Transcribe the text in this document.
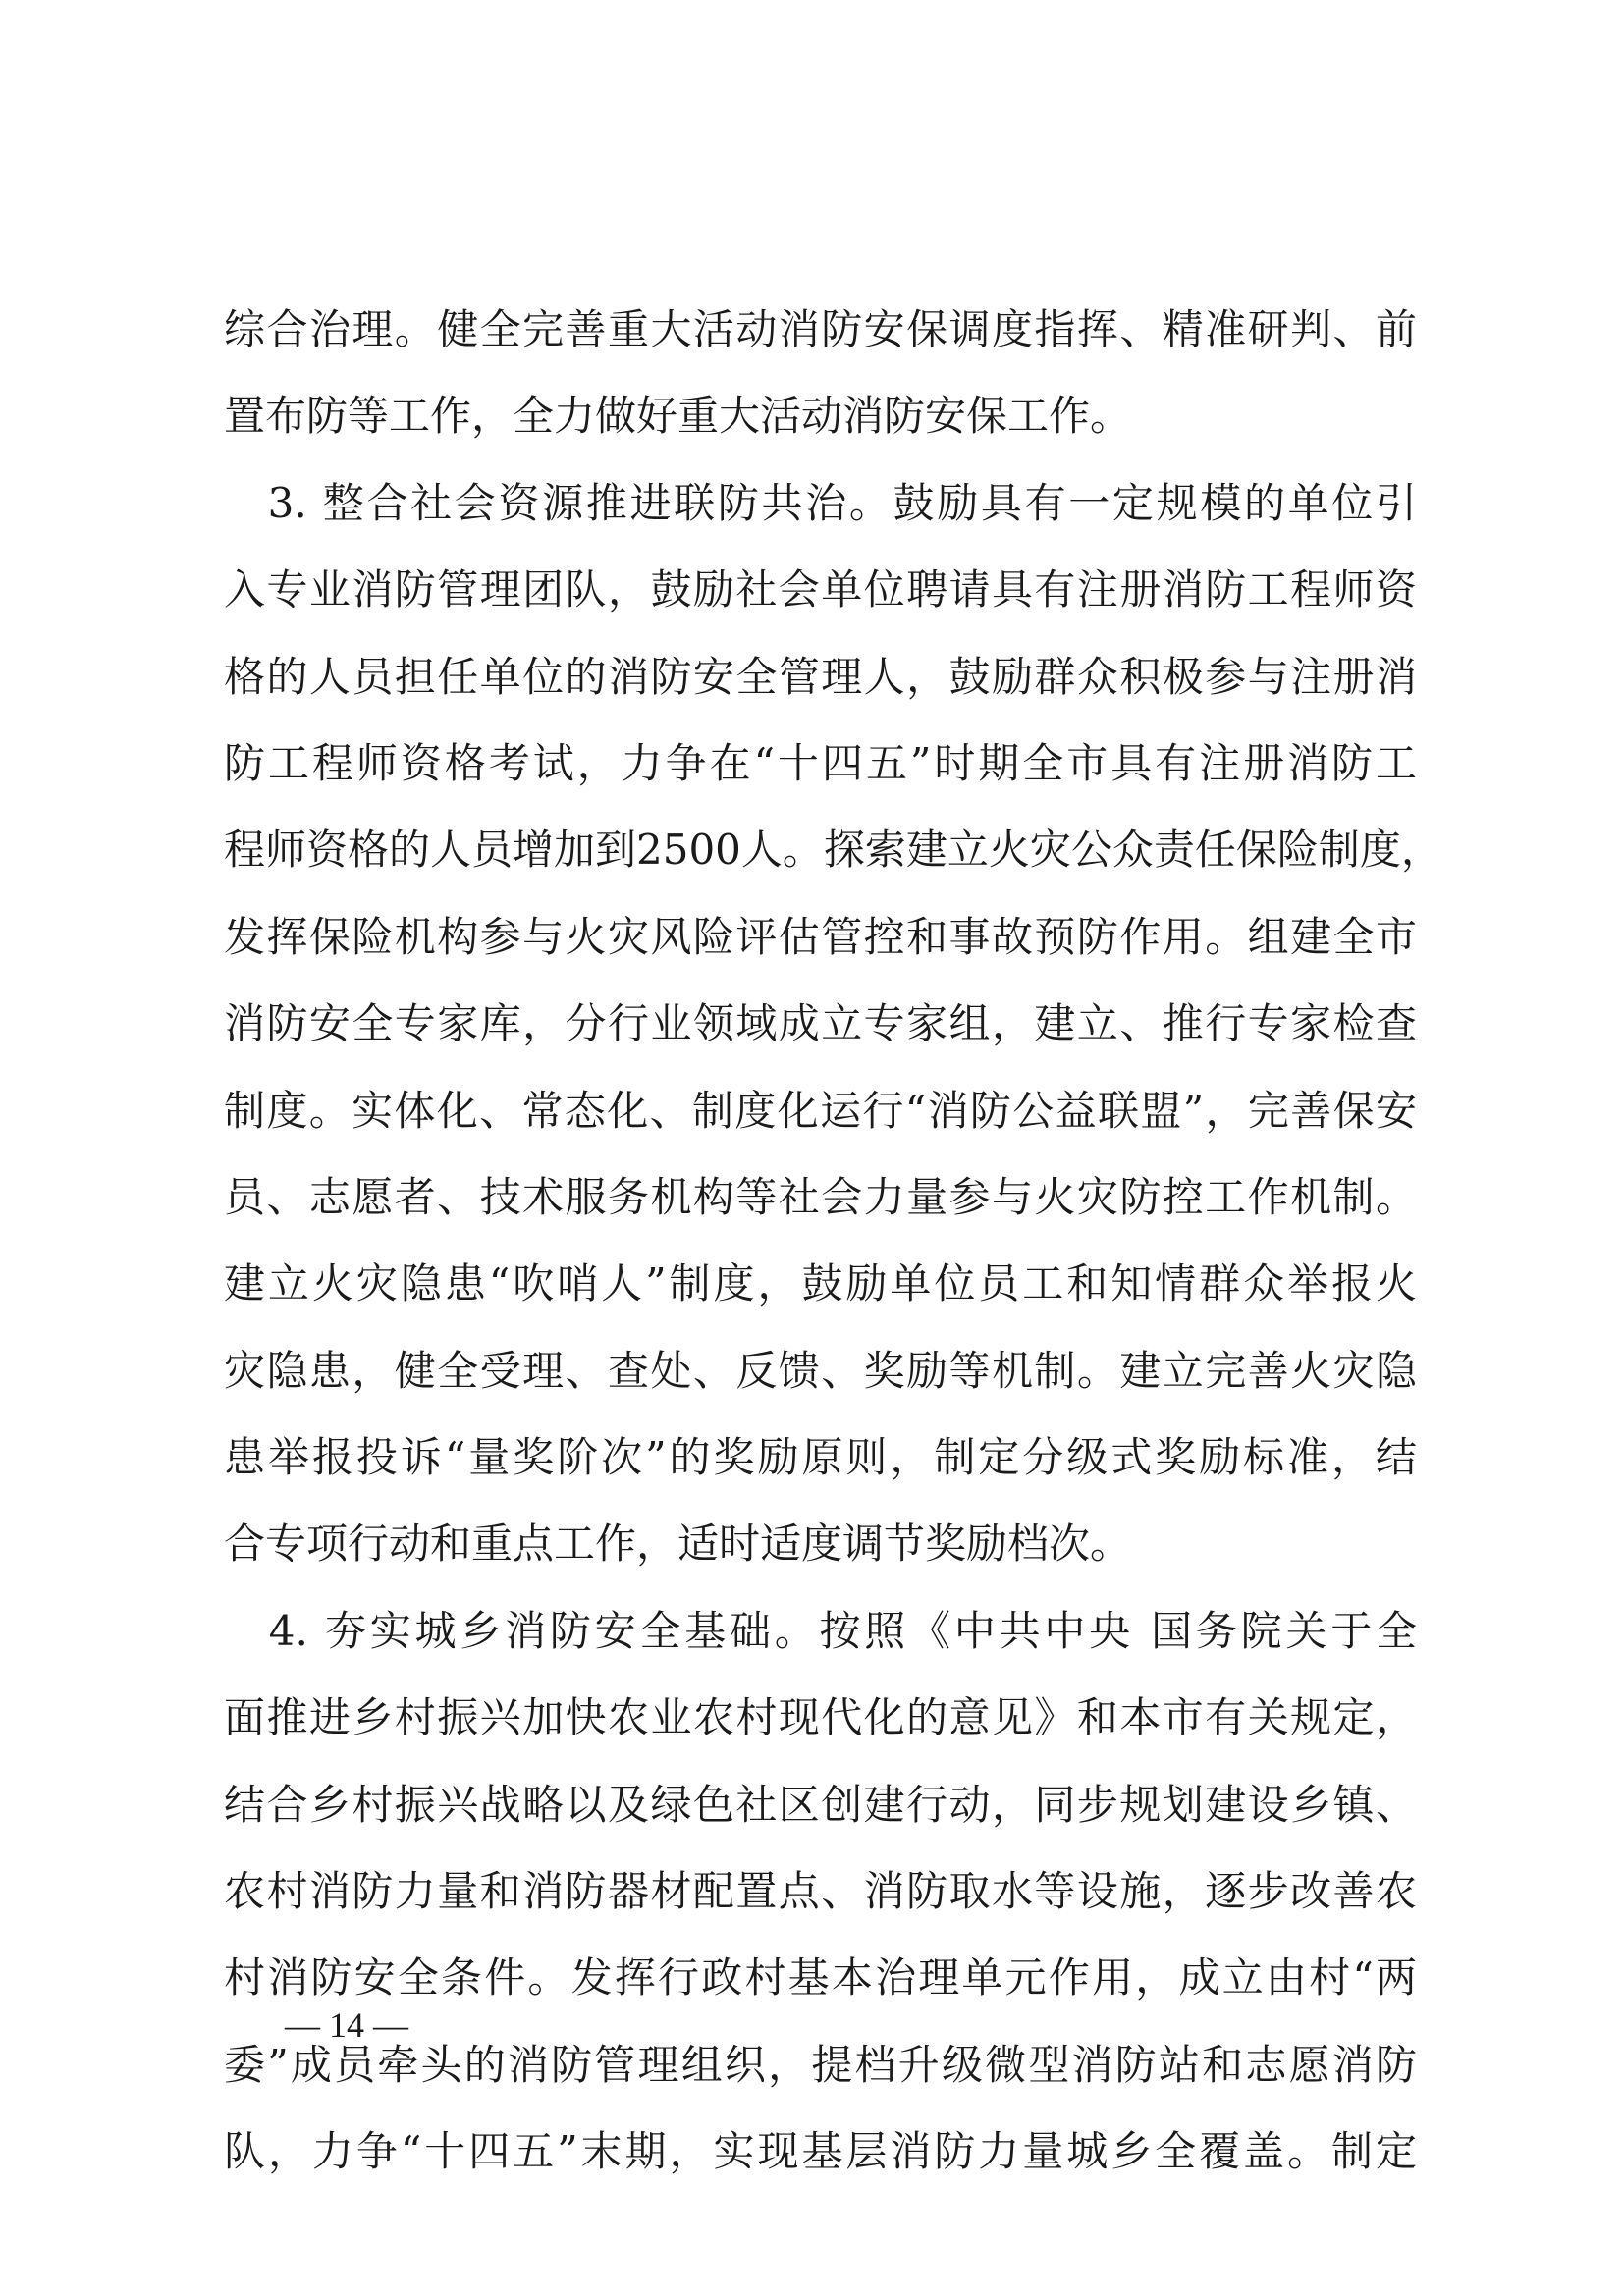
综合治理。健全完善重大活动消防安保调度指挥、精准研判、前
置布防等工作，全力做好重大活动消防安保工作。
　3. 整合社会资源推进联防共治。鼓励具有一定规模的单位引
入专业消防管理团队，鼓励社会单位聘请具有注册消防工程师资
格的人员担任单位的消防安全管理人，鼓励群众积极参与注册消
防工程师资格考试，力争在“十四五”时期全市具有注册消防工
程师资格的人员增加到2500人。探索建立火灾公众责任保险制度，
发挥保险机构参与火灾风险评估管控和事故预防作用。组建全市
消防安全专家库，分行业领域成立专家组，建立、推行专家检查
制度。实体化、常态化、制度化运行“消防公益联盟”，完善保安
员、志愿者、技术服务机构等社会力量参与火灾防控工作机制。
建立火灾隐患“吹哨人”制度，鼓励单位员工和知情群众举报火
灾隐患，健全受理、查处、反馈、奖励等机制。建立完善火灾隐
患举报投诉“量奖阶次”的奖励原则，制定分级式奖励标准，结
合专项行动和重点工作，适时适度调节奖励档次。
　4. 夯实城乡消防安全基础。按照《中共中央 国务院关于全
面推进乡村振兴加快农业农村现代化的意见》和本市有关规定，
结合乡村振兴战略以及绿色社区创建行动，同步规划建设乡镇、
农村消防力量和消防器材配置点、消防取水等设施，逐步改善农
村消防安全条件。发挥行政村基本治理单元作用，成立由村“两
委”成员牵头的消防管理组织，提档升级微型消防站和志愿消防
队，力争“十四五”末期，实现基层消防力量城乡全覆盖。制定
— 14 —
